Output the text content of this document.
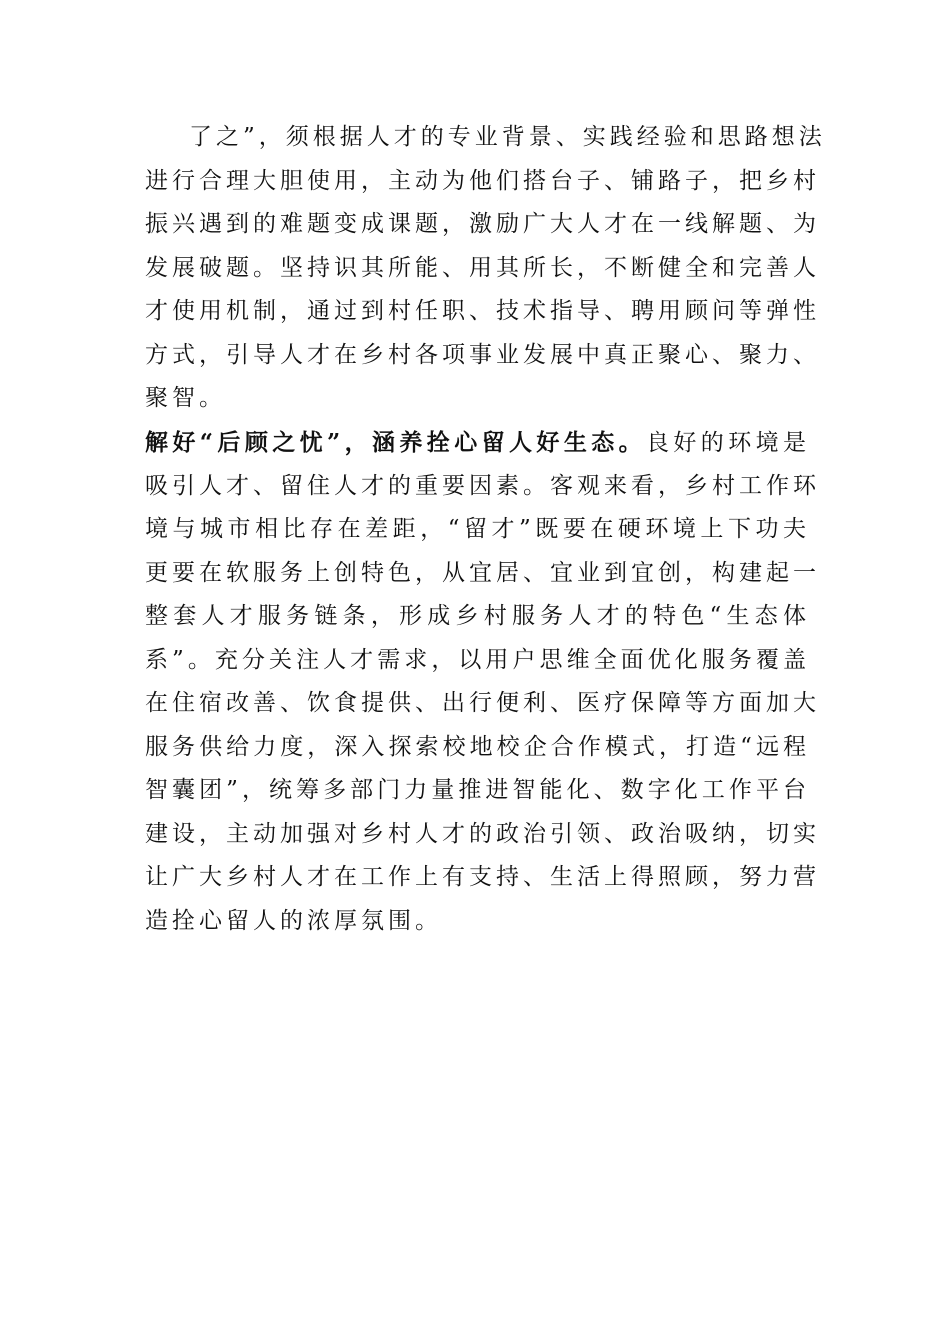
了之”，须根据人才的专业背景、实践经验和思路想法
进行合理大胆使用，主动为他们搭台子、铺路子，把乡村
振兴遇到的难题变成课题，激励广大人才在一线解题、为
发展破题。坚持识其所能、用其所长，不断健全和完善人
才使用机制，通过到村任职、技术指导、聘用顾问等弹性
方式，引导人才在乡村各项事业发展中真正聚心、聚力、
聚智。
解好“后顾之忧”，涵养拴心留人好生态。良好的环境是
吸引人才、留住人才的重要因素。客观来看，乡村工作环
境与城市相比存在差距，“留才”既要在硬环境上下功夫
更要在软服务上创特色，从宜居、宜业到宜创，构建起一
整套人才服务链条，形成乡村服务人才的特色“生态体
系”。充分关注人才需求，以用户思维全面优化服务覆盖
在住宿改善、饮食提供、出行便利、医疗保障等方面加大
服务供给力度，深入探索校地校企合作模式，打造“远程
智囊团”，统筹多部门力量推进智能化、数字化工作平台
建设，主动加强对乡村人才的政治引领、政治吸纳，切实
让广大乡村人才在工作上有支持、生活上得照顾，努力营
造拴心留人的浓厚氛围。
